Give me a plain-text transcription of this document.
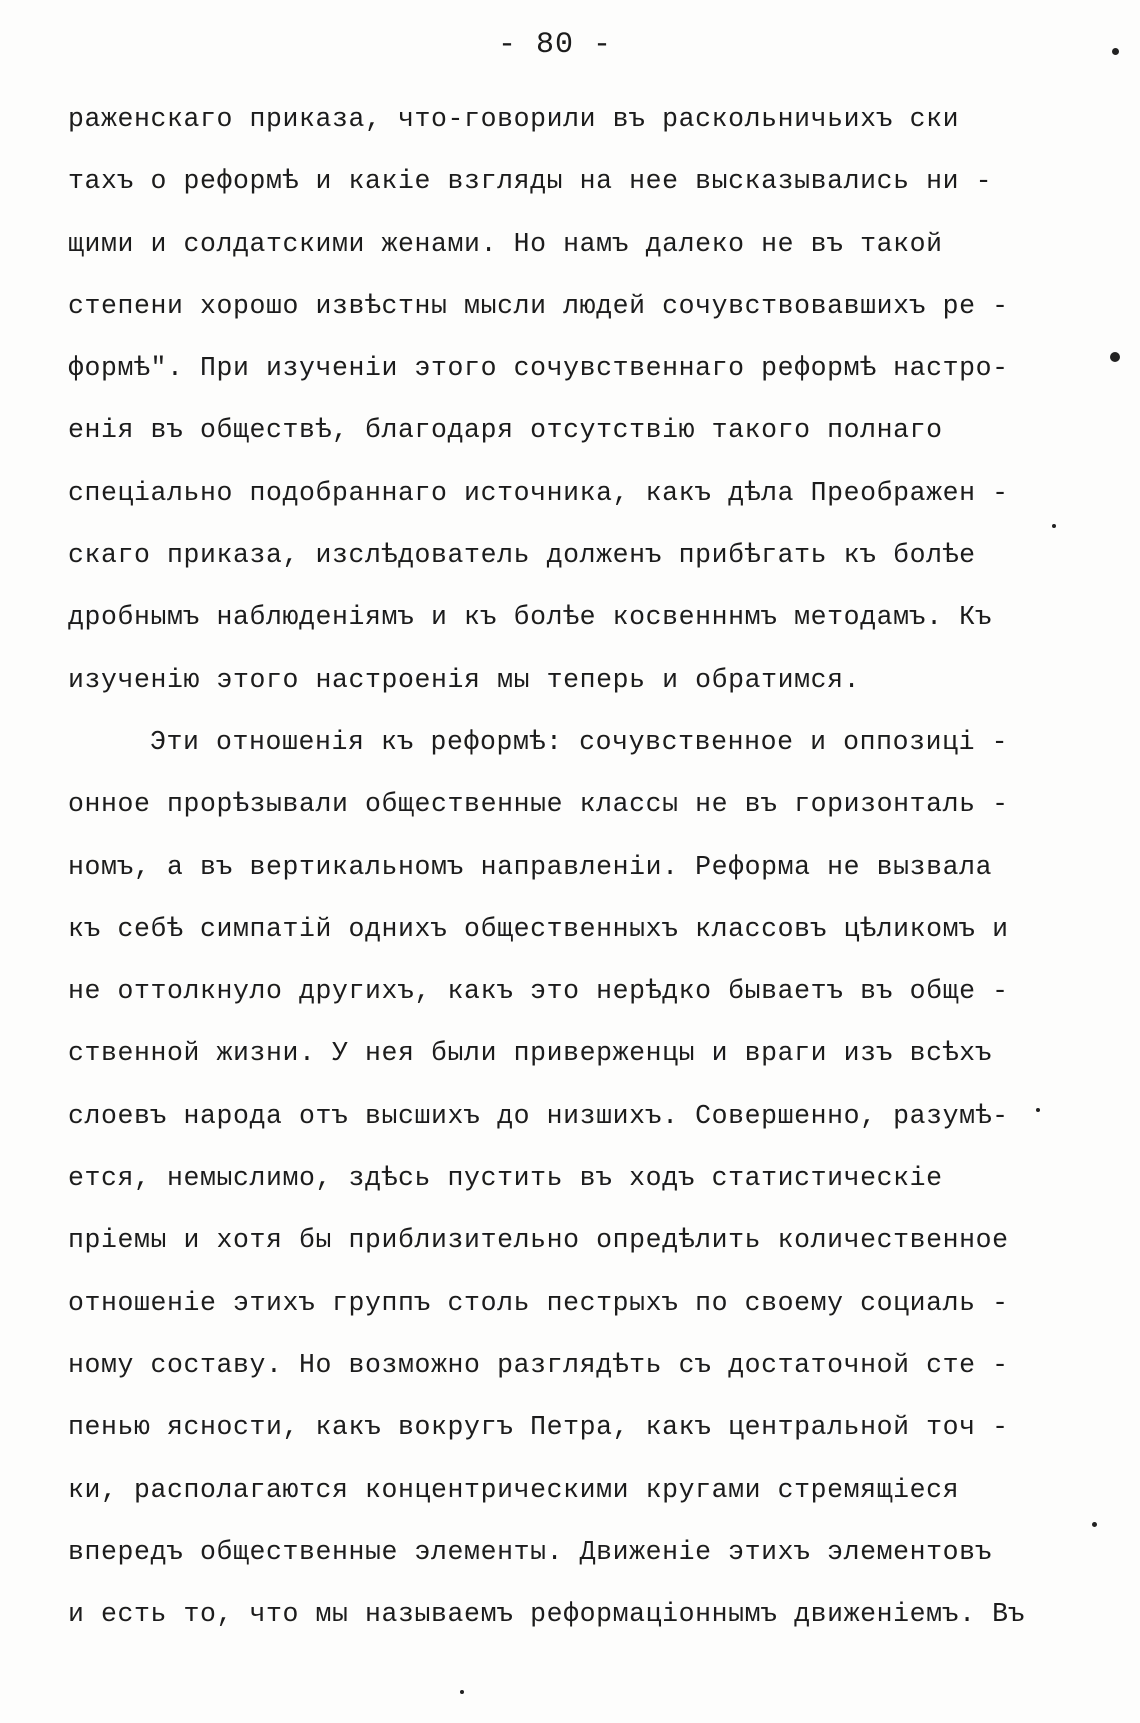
- 80 -
раженскаго приказа, что-говорили въ раскольничьихъ ски
тахъ о реформѣ и какiе взгляды на нее высказывались ни -
щими и солдатскими женами. Но намъ далеко не въ такой
степени хорошо извѣстны мысли людей сочувствовавшихъ ре -
формѣ". При изученiи этого сочувственнаго реформѣ настро-
енiя въ обществѣ, благодаря отсутствiю такого полнаго
спецiально подобраннаго источника, какъ дѣла Преображен -
скаго приказа, изслѣдователь долженъ прибѣгать къ болѣе
дробнымъ наблюденiямъ и къ болѣе косвенннмъ методамъ. Къ
изученiю этого настроенiя мы теперь и обратимся.
Эти отношенiя къ реформѣ: сочувственное и оппозицi -
онное прорѣзывали общественные классы не въ горизонталь -
номъ, а въ вертикальномъ направленiи. Реформа не вызвала
къ себѣ симпатiй однихъ общественныхъ классовъ цѣликомъ и
не оттолкнуло другихъ, какъ это нерѣдко бываетъ въ обще -
ственной жизни. У нея были приверженцы и враги изъ всѣхъ
слоевъ народа отъ высшихъ до низшихъ. Совершенно, разумѣ-
ется, немыслимо, здѣсь пустить въ ходъ статистическiе
прiемы и хотя бы приблизительно опредѣлить количественное
отношенiе этихъ группъ столь пестрыхъ по своему социаль -
ному составу. Но возможно разглядѣть съ достаточной сте -
пенью ясности, какъ вокругъ Петра, какъ центральной точ -
ки, располагаются концентрическими кругами стремящiеся
впередъ общественные элементы. Движенiе этихъ элементовъ
и есть то, что мы называемъ реформацiоннымъ движенiемъ. Въ
